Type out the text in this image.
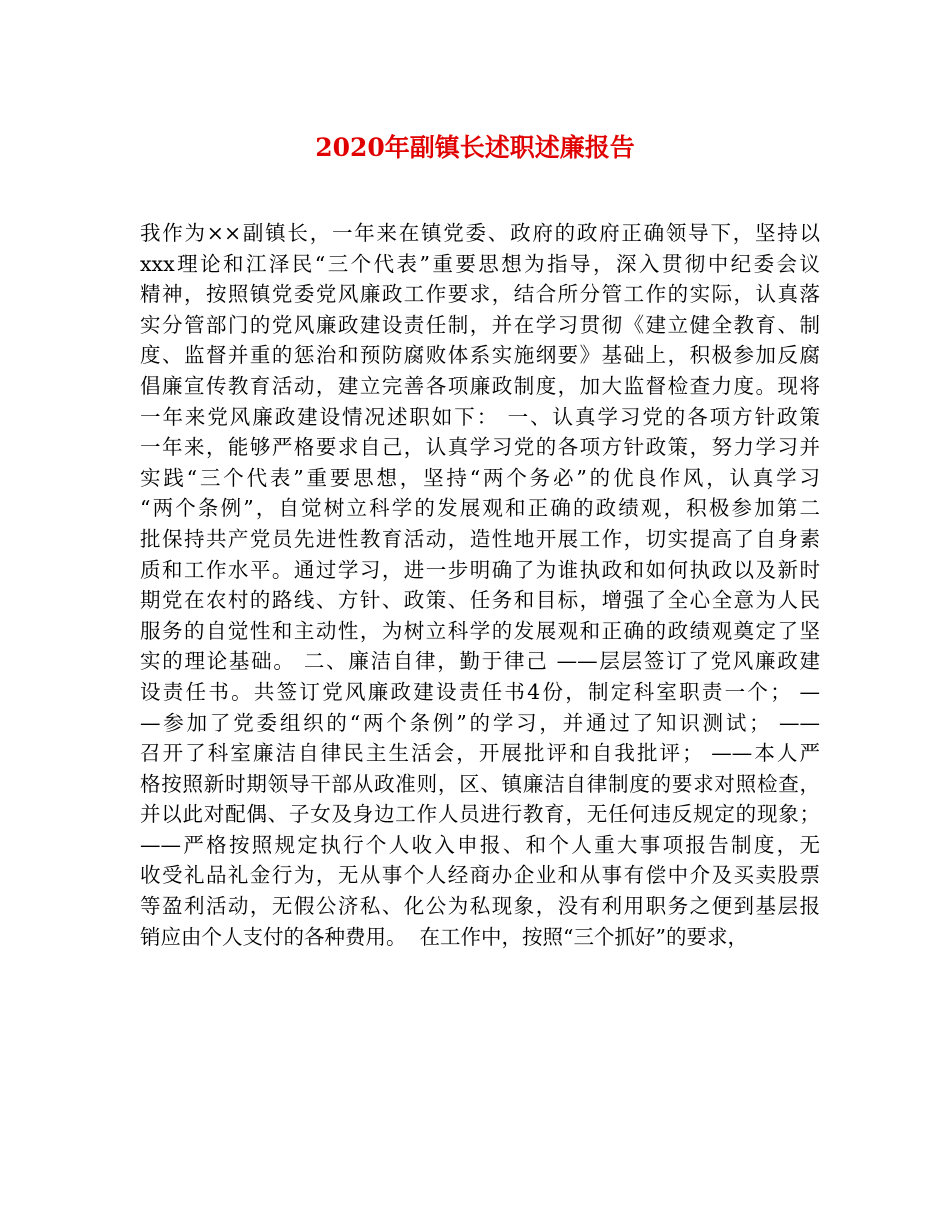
2020年副镇长述职述廉报告
我作为××副镇长，一年来在镇党委、政府的政府正确领导下，坚持以
xxx理论和江泽民“三个代表”重要思想为指导，深入贯彻中纪委会议
精神，按照镇党委党风廉政工作要求，结合所分管工作的实际，认真落
实分管部门的党风廉政建设责任制，并在学习贯彻《建立健全教育、制
度、监督并重的惩治和预防腐败体系实施纲要》基础上，积极参加反腐
倡廉宣传教育活动，建立完善各项廉政制度，加大监督检查力度。现将
一年来党风廉政建设情况述职如下： 一、认真学习党的各项方针政策
一年来，能够严格要求自己，认真学习党的各项方针政策，努力学习并
实践“三个代表”重要思想，坚持“两个务必”的优良作风，认真学习
“两个条例”，自觉树立科学的发展观和正确的政绩观，积极参加第二
批保持共产党员先进性教育活动，造性地开展工作，切实提高了自身素
质和工作水平。通过学习，进一步明确了为谁执政和如何执政以及新时
期党在农村的路线、方针、政策、任务和目标，增强了全心全意为人民
服务的自觉性和主动性，为树立科学的发展观和正确的政绩观奠定了坚
实的理论基础。 二、廉洁自律，勤于律己 ——层层签订了党风廉政建
设责任书。共签订党风廉政建设责任书4份，制定科室职责一个； —
—参加了党委组织的“两个条例”的学习，并通过了知识测试； ——
召开了科室廉洁自律民主生活会，开展批评和自我批评； ——本人严
格按照新时期领导干部从政准则，区、镇廉洁自律制度的要求对照检查，
并以此对配偶、子女及身边工作人员进行教育，无任何违反规定的现象；
——严格按照规定执行个人收入申报、和个人重大事项报告制度，无
收受礼品礼金行为，无从事个人经商办企业和从事有偿中介及买卖股票
等盈利活动，无假公济私、化公为私现象，没有利用职务之便到基层报
销应由个人支付的各种费用。  在工作中，按照“三个抓好”的要求，
